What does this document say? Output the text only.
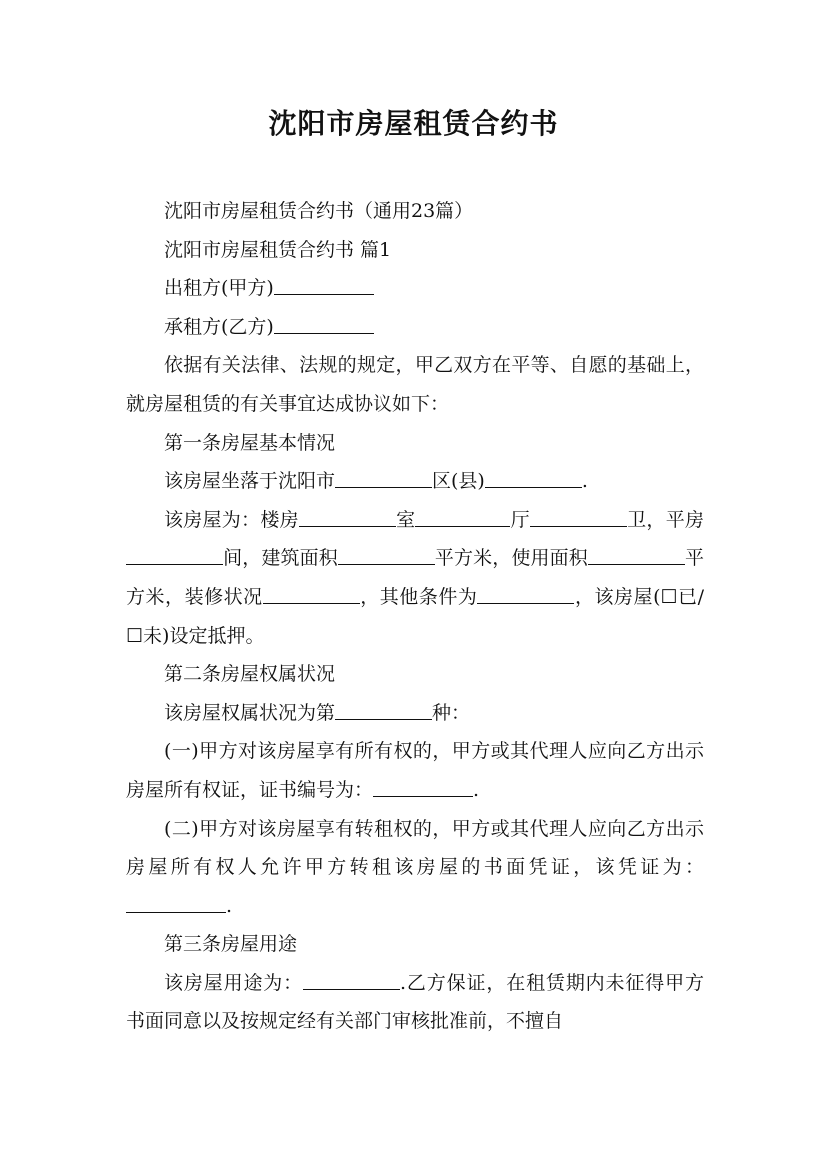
沈阳市房屋租赁合约书

沈阳市房屋租赁合约书（通用23篇）

沈阳市房屋租赁合约书 篇1

出租方(甲方)

承租方(乙方)

依据有关法律、法规的规定，甲乙双方在平等、自愿的基础上，就房屋租赁的有关事宜达成协议如下：

第一条房屋基本情况

该房屋坐落于沈阳市	区(县)	.

该房屋为：楼房	室	厅	卫，平房间，建筑面积	平方米，使用面积	平方米，装修状况	，其他条件为	，该房屋(☐已/☐未)设定抵押。

第二条房屋权属状况

该房屋权属状况为第	种：

(一)甲方对该房屋享有所有权的，甲方或其代理人应向乙方出示房屋所有权证，证书编号为：	.

(二)甲方对该房屋享有转租权的，甲方或其代理人应向乙方出示房屋所有权人允许甲方转租该房屋的书面凭证，该凭证为：.

第三条房屋用途

该房屋用途为：	.乙方保证，在租赁期内未征得甲方书面同意以及按规定经有关部门审核批准前，不擅自
